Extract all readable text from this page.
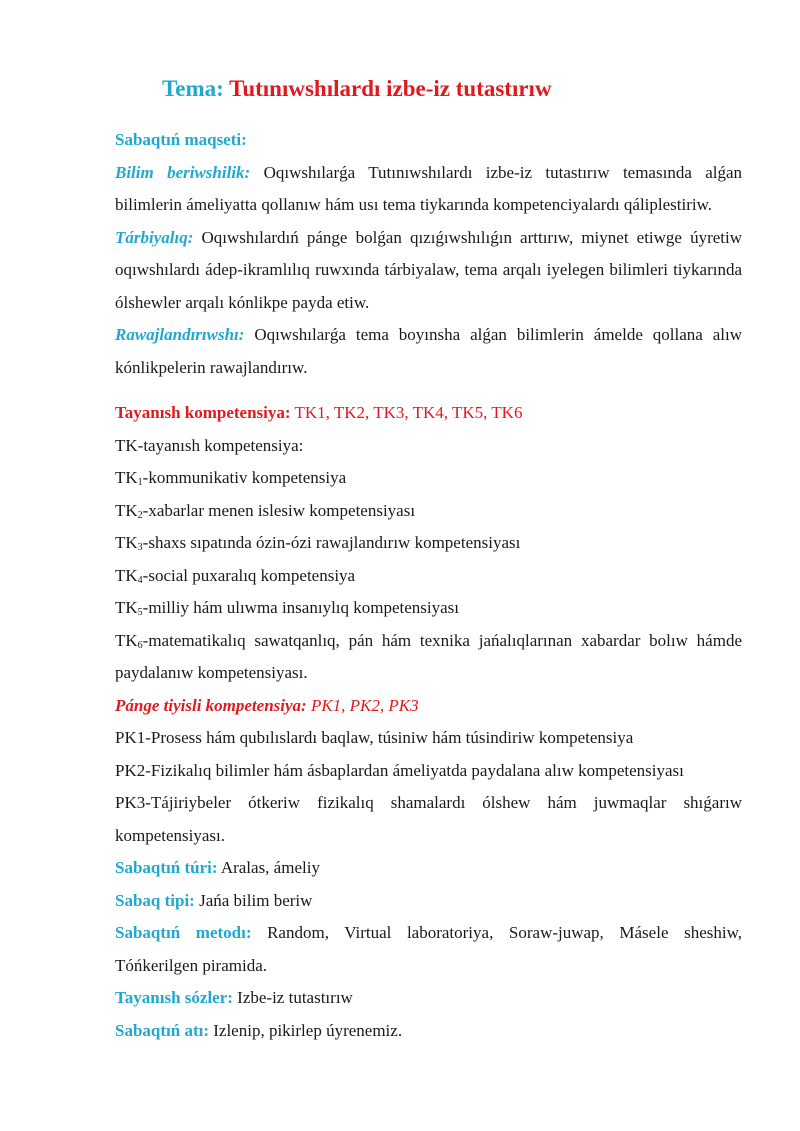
Tema: Tutınıwshılardı izbe-iz tutastırıw

Sabaqtıń maqseti:

Bilim beriwshilik: Oqıwshılarǵa Tutınıwshılardı izbe-iz tutastırıw temasında alǵan bilimlerin ámeliyatta qollanıw hám usı tema tiykarında kompetenciyalardı qáliplestiriw.

Tárbiyalıq: Oqıwshılardıń pánge bolǵan qızıǵıwshılıǵın arttırıw, miynet etiwge úyretiw oqıwshılardı ádep-ikramlılıq ruwxında tárbiyalaw, tema arqalı iyelegen bilimleri tiykarında ólshewler arqalı kónlikpe payda etiw.

Rawajlandırıwshı: Oqıwshılarǵa tema boyınsha alǵan bilimlerin ámelde qollana alıw kónlikpelerin rawajlandırıw.

Tayanısh kompetensiya: TK1, TK2, TK3, TK4, TK5, TK6

TK-tayanısh kompetensiya:

$TK_1$-kommunikativ kompetensiya

$TK_2$-xabarlar menen islesiw kompetensiyası

$TK_3$-shaxs sıpatında ózin-ózi rawajlandırıw kompetensiyası

$TK_4$-social puxaralıq kompetensiya

$TK_5$-milliy hám ulıwma insanıylıq kompetensiyası

$TK_6$-matematikalıq sawatqanlıq, pán hám texnika jańalıqlarınan xabardar bolıw hámde paydalanıw kompetensiyası.

Pánge tiyisli kompetensiya: PK1, PK2, PK3

PK1-Prosess hám qubılıslardı baqlaw, túsiniw hám túsindiriw kompetensiya

PK2-Fizikalıq bilimler hám ásbaplardan ámeliyatda paydalana alıw kompetensiyası

PK3-Tájiriybeler ótkeriw fizikalıq shamalardı ólshew hám juwmaqlar shıǵarıw kompetensiyası.

Sabaqtıń túri: Aralas, ámeliy

Sabaq tipi: Jańa bilim beriw

Sabaqtıń metodı: Random, Virtual laboratoriya, Soraw-juwap, Másele sheshiw, Tóńkerilgen piramida.

Tayanısh sózler: Izbe-iz tutastırıw

Sabaqtıń atı: Izlenip, pikirlep úyrenemiz.
